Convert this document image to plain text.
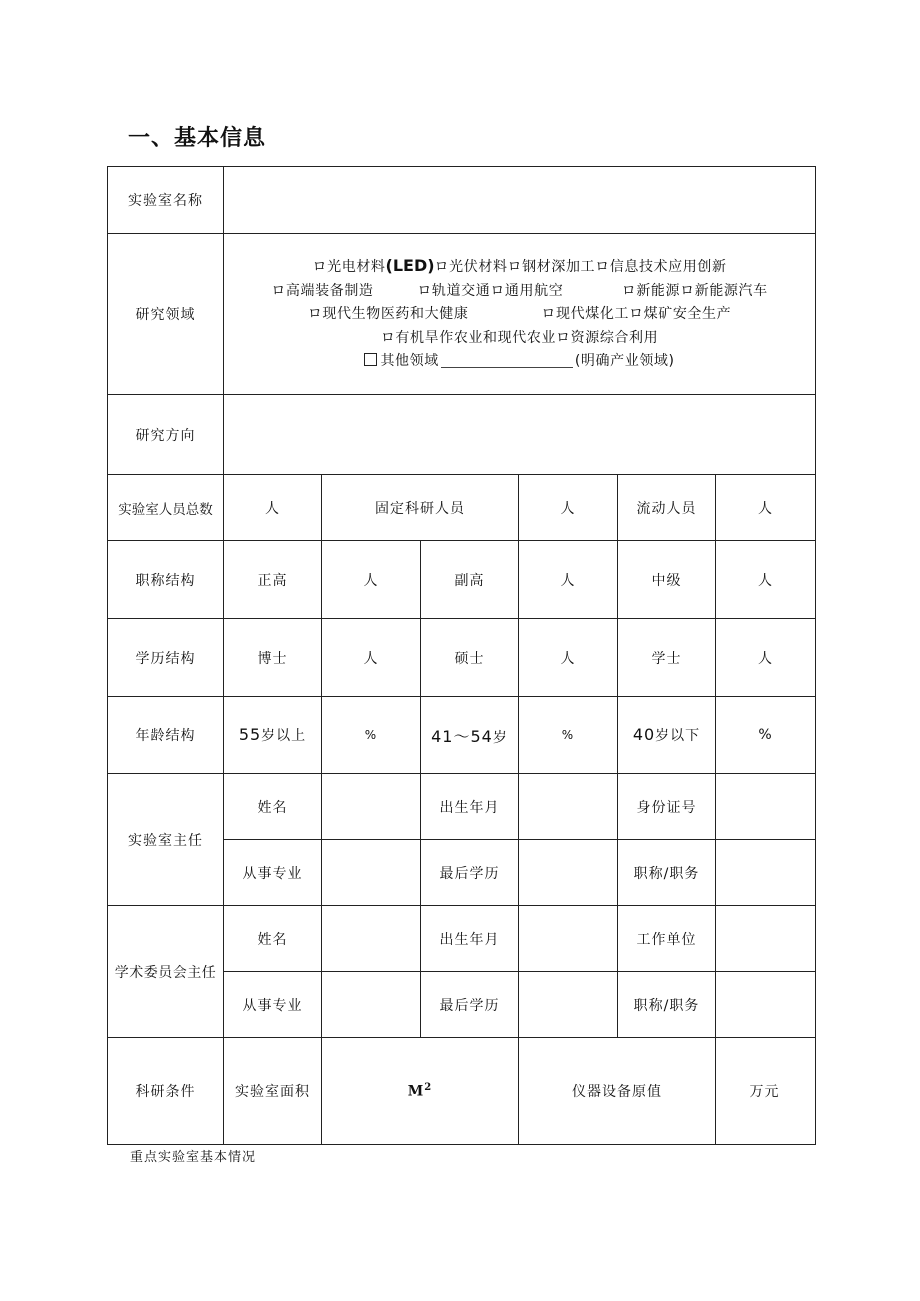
一、基本信息
实验室名称						
研究领域	ロ光电材料(LED)ロ光伏材料ロ钢材深加工ロ信息技术应用创新
ロ高端装备制造　　　ロ轨道交通ロ通用航空　　　　ロ新能源ロ新能源汽车
ロ现代生物医药和大健康　　　　　ロ现代煤化工ロ煤矿安全生产
ロ有机旱作农业和现代农业ロ资源综合利用
其他领域 (明确产业领域)					

研究方向						
实验室人员总数	人	固定科研人员		人	流动人员	人
职称结构	正高	人	副高	人	中级	人
学历结构	博士	人	硕士	人	学士	人
年龄结构	55岁以上	%	41～54岁	%	40岁以下	%
实验室主任	姓名		出生年月		身份证号	
	从事专业		最后学历		职称/职务	
学术委员会主任	姓名		出生年月		工作单位	
	从事专业		最后学历		职称/职务	
科研条件	实验室面积	$M^2$		仪器设备原值		万元
重点实验室基本情况
